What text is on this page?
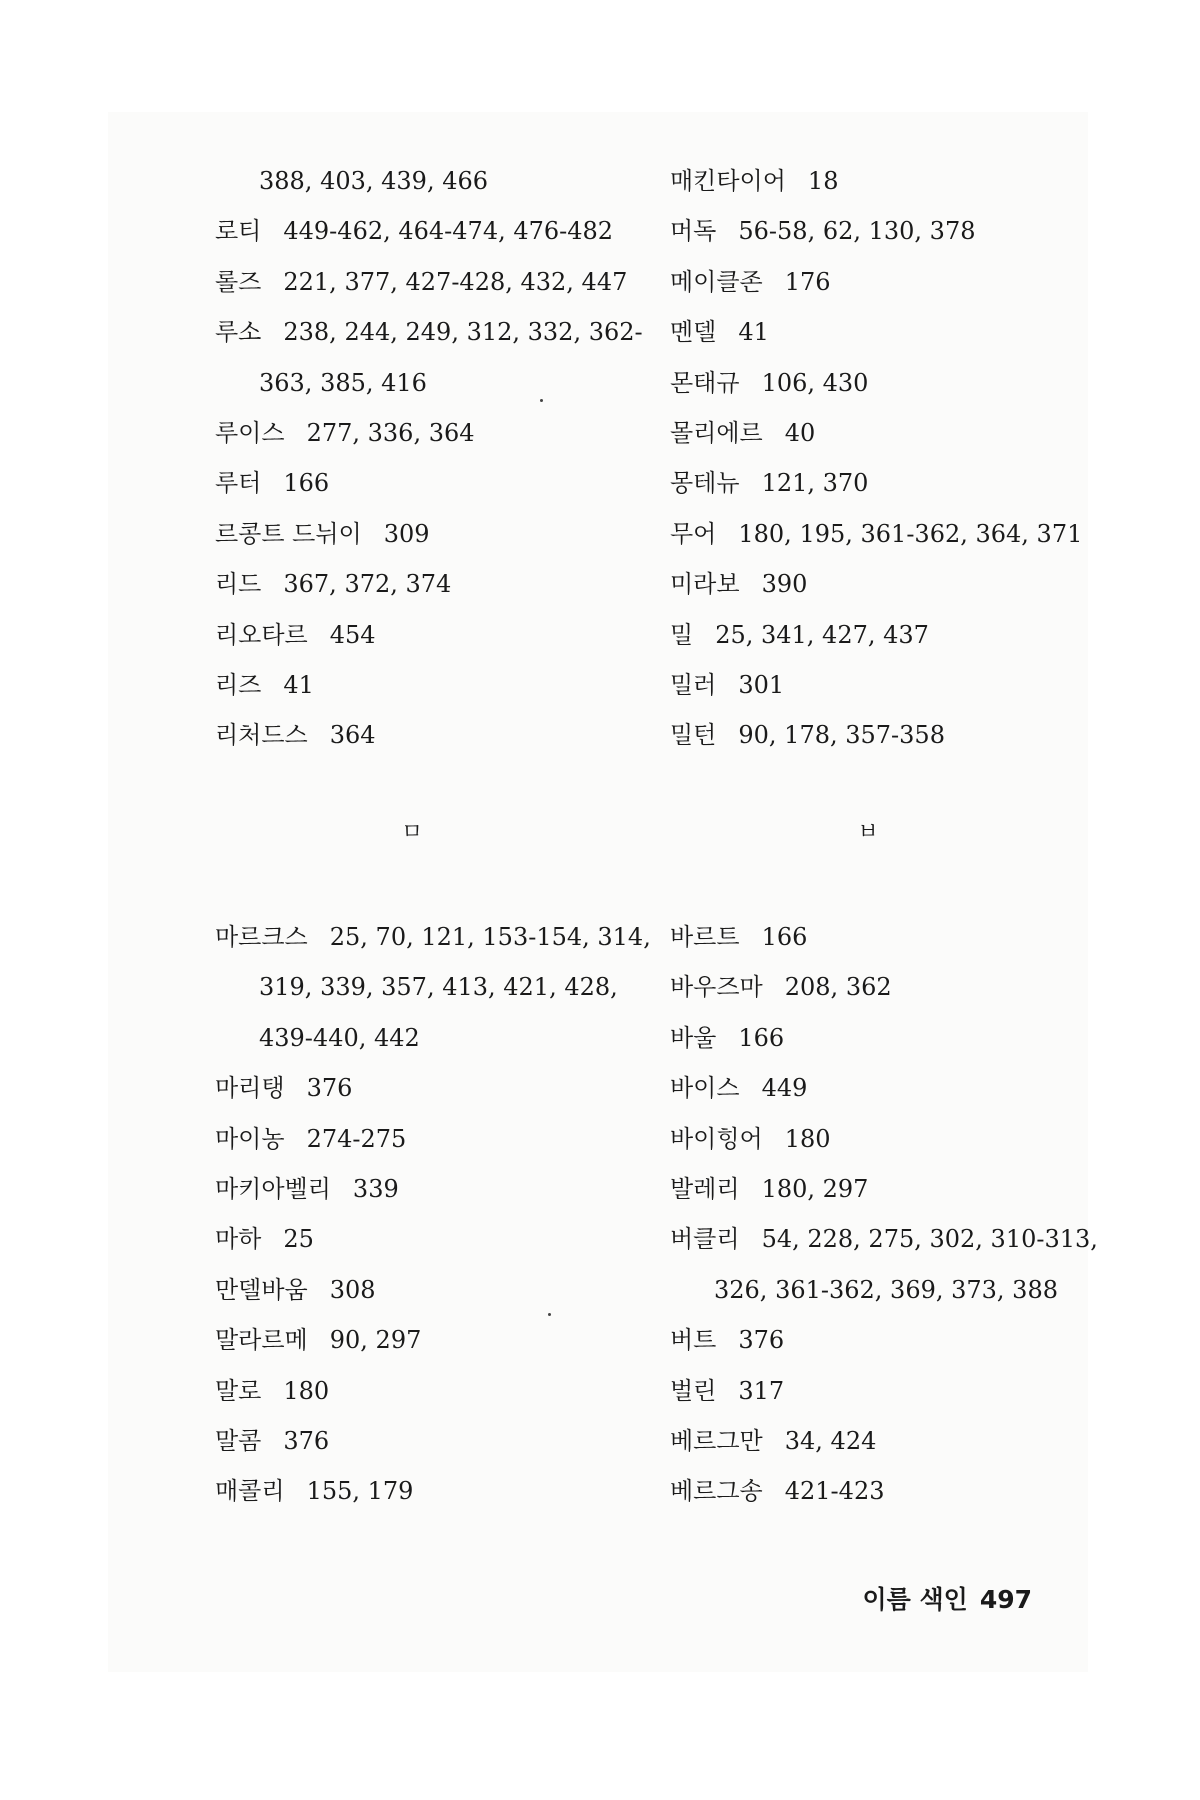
388, 403, 439, 466
로티 449-462, 464-474, 476-482
롤즈 221, 377, 427-428, 432, 447
루소 238, 244, 249, 312, 332, 362-
363, 385, 416
루이스 277, 336, 364
루터 166
르콩트 드뉘이 309
리드 367, 372, 374
리오타르 454
리즈 41
리처드스 364
매킨타이어 18
머독 56-58, 62, 130, 378
메이클존 176
멘델 41
몬태규 106, 430
몰리에르 40
몽테뉴 121, 370
무어 180, 195, 361-362, 364, 371
미라보 390
밀 25, 341, 427, 437
밀러 301
밀턴 90, 178, 357-358
ㅁ	ㅂ
마르크스 25, 70, 121, 153-154, 314,
319, 339, 357, 413, 421, 428,
439-440, 442
마리탱 376
마이농 274-275
마키아벨리 339
마하 25
만델바움 308
말라르메 90, 297
말로 180
말콤 376
매콜리 155, 179
바르트 166
바우즈마 208, 362
바울 166
바이스 449
바이힝어 180
발레리 180, 297
버클리 54, 228, 275, 302, 310-313,
326, 361-362, 369, 373, 388
버트 376
벌린 317
베르그만 34, 424
베르그송 421-423
이름 색인 497
